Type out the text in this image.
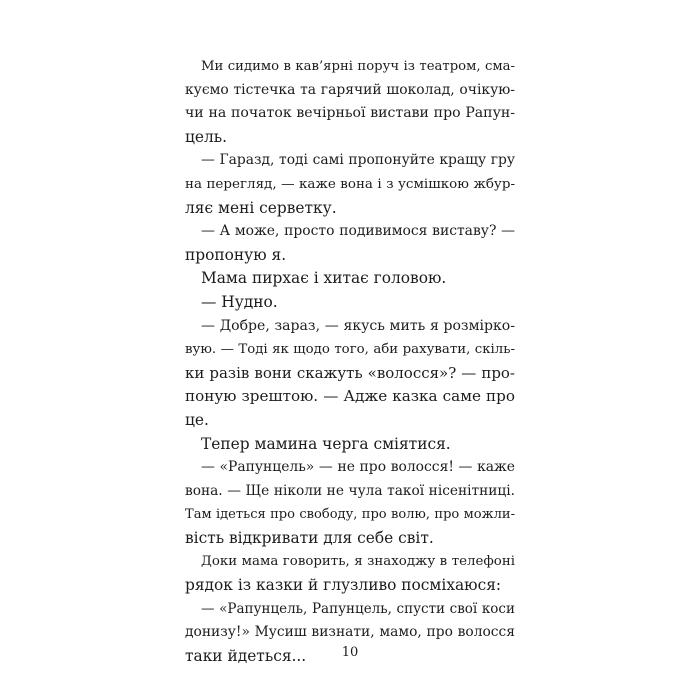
Ми сидимо в кав’ярні поруч із театром, сма-
куємо тістечка та гарячий шоколад, очікую-
чи на початок вечірньої вистави про Рапун-
цель.
— Гаразд, тоді самі пропонуйте кращу гру
на перегляд, — каже вона і з усмішкою жбур-
ляє мені серветку.
— А може, просто подивимося виставу? —
пропоную я.
Мама пирхає і хитає головою.
— Нудно.
— Добре, зараз, — якусь мить я розмірко-
вую. — Тоді як щодо того, аби рахувати, скіль-
ки разів вони скажуть «волосся»? — про-
поную зрештою. — Адже казка саме про
це.
Тепер мамина черга сміятися.
— «Рапунцель» — не про волосся! — каже
вона. — Ще ніколи не чула такої нісенітниці.
Там ідеться про свободу, про волю, про можли-
вість відкривати для себе світ.
Доки мама говорить, я знаходжу в телефоні
рядок із казки й глузливо посміхаюся:
— «Рапунцель, Рапунцель, спусти свої коси
донизу!» Мусиш визнати, мамо, про волосся
таки йдеться...	10
